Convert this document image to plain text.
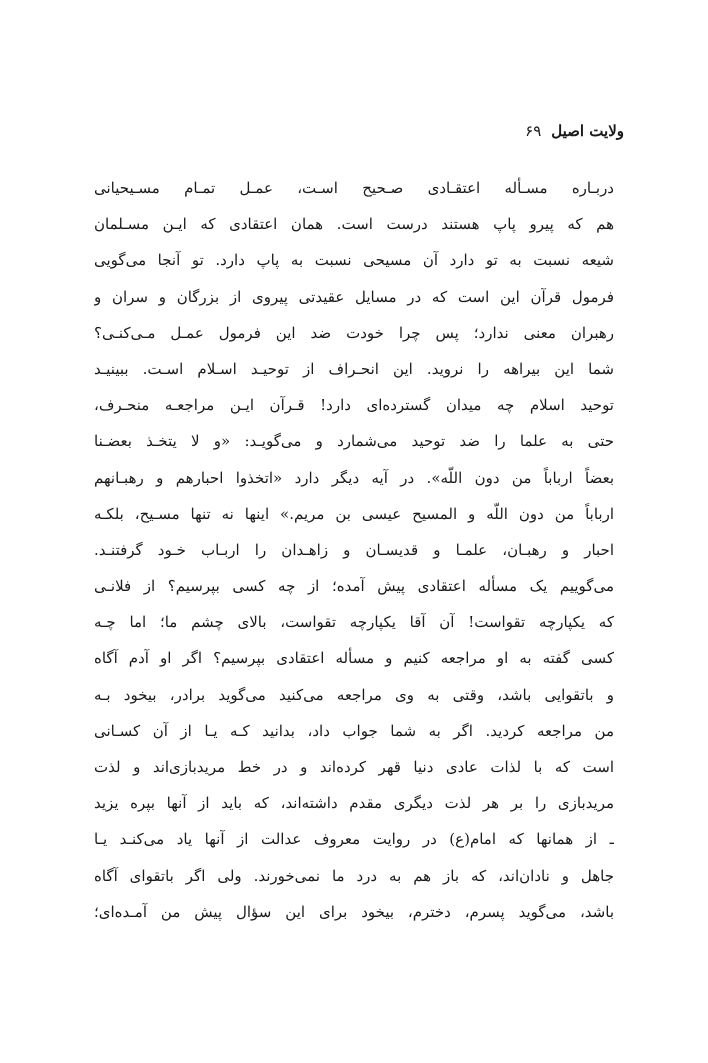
ولایت اصیل۶۹
دربـاره مسـأله اعتقـادی صـحیح اسـت، عمـل تمـام مسـیحیانی
هم که پیرو پاپ هستند درست است. همان اعتقادی که ایـن مسـلمان
شیعه نسبت به تو دارد آن مسیحی نسبت به پاپ دارد. تو آنجا می‌گویی
فرمول قرآن این است که در مسایل عقیدتی پیروی از بزرگان و سران و
رهبران معنی ندارد؛ پس چرا خودت ضد این فرمول عمـل مـی‌کنـی؟
شما این بیراهه را نروید. این انحـراف از توحیـد اسـلام اسـت. ببینیـد
توحید اسلام چه میدان گسترده‌ای دارد! قـرآن ایـن مراجعـه منحـرف،
حتی به علما را ضد توحید می‌شمارد و می‌گویـد: «و لا یتخـذ بعضـنا
بعضاً ارباباً من دون اللّه». در آیه دیگر دارد «اتخذوا احبارهم و رهبـانهم
ارباباً من دون اللّه و المسیح عیسی بن مریم.» اینها نه تنها مسـیح، بلکـه
احبار و رهبـان، علمـا و قدیسـان و زاهـدان را اربـاب خـود گرفتنـد.
می‌گوییم یک مسأله اعتقادی پیش آمده؛ از چه کسی بپرسیم؟ از فلانـی
که یکپارچه تقواست! آن آقا یکپارچه تقواست، بالای چشم ما؛ اما چـه
کسی گفته به او مراجعه کنیم و مسأله اعتقادی بپرسیم؟ اگر او آدم آگاه
و باتقوایی باشد، وقتی به وی مراجعه می‌کنید می‌گوید برادر، بیخود بـه
من مراجعه کردید. اگر به شما جواب داد، بدانید کـه یـا از آن کسـانی
است که با لذات عادی دنیا قهر کرده‌اند و در خط مریدبازی‌اند و لذت
مریدبازی را بر هر لذت دیگری مقدم داشته‌اند، که باید از آنها بپره یزید
ـ از همانها که امام(ع) در روایت معروف عدالت از آنها یاد می‌کنـد یـا
جاهل و نادان‌اند، که باز هم به درد ما نمی‌خورند. ولی اگر باتقوای آگاه
باشد، می‌گوید پسرم، دخترم، بیخود برای این سؤال پیش من آمـده‌ای؛
